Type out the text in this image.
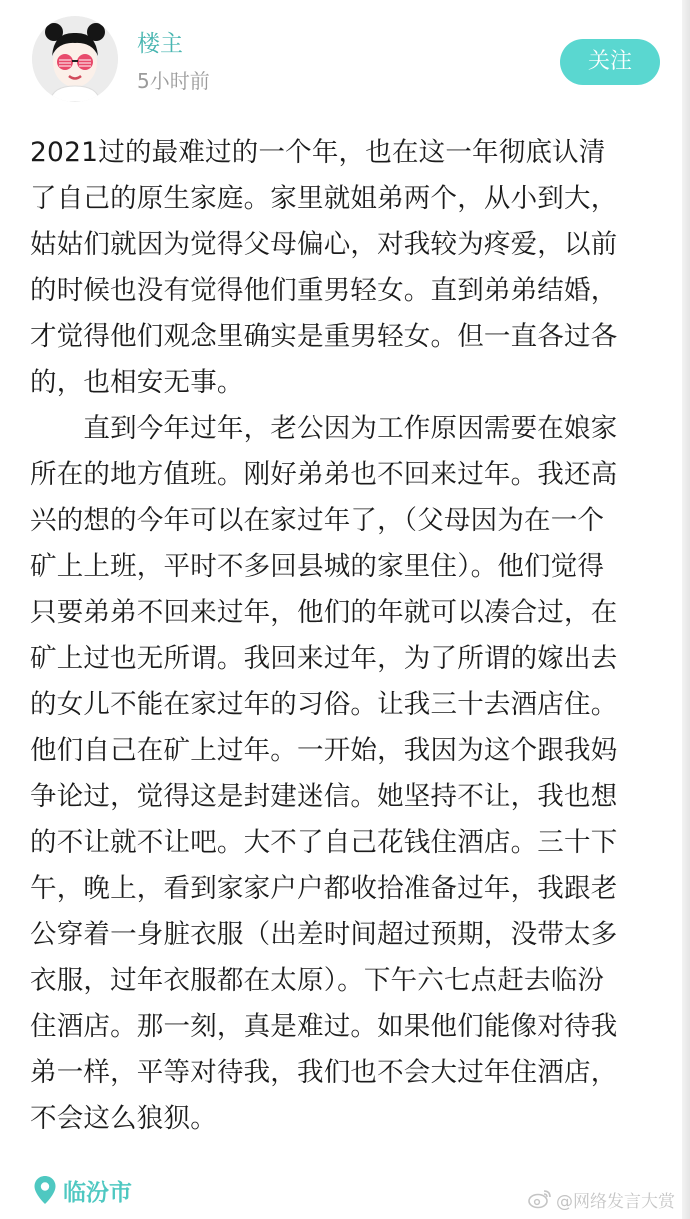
楼主
5小时前
关注
2021过的最难过的一个年，也在这一年彻底认清
了自己的原生家庭。家里就姐弟两个，从小到大，
姑姑们就因为觉得父母偏心，对我较为疼爱，以前
的时候也没有觉得他们重男轻女。直到弟弟结婚，
才觉得他们观念里确实是重男轻女。但一直各过各
的，也相安无事。
　　直到今年过年，老公因为工作原因需要在娘家
所在的地方值班。刚好弟弟也不回来过年。我还高
兴的想的今年可以在家过年了，（父母因为在一个
矿上上班，平时不多回县城的家里住）。他们觉得
只要弟弟不回来过年，他们的年就可以凑合过，在
矿上过也无所谓。我回来过年，为了所谓的嫁出去
的女儿不能在家过年的习俗。让我三十去酒店住。
他们自己在矿上过年。一开始，我因为这个跟我妈
争论过，觉得这是封建迷信。她坚持不让，我也想
的不让就不让吧。大不了自己花钱住酒店。三十下
午，晚上，看到家家户户都收拾准备过年，我跟老
公穿着一身脏衣服（出差时间超过预期，没带太多
衣服，过年衣服都在太原）。下午六七点赶去临汾
住酒店。那一刻，真是难过。如果他们能像对待我
弟一样，平等对待我，我们也不会大过年住酒店，
不会这么狼狈。
临汾市	@网络发言大赏
